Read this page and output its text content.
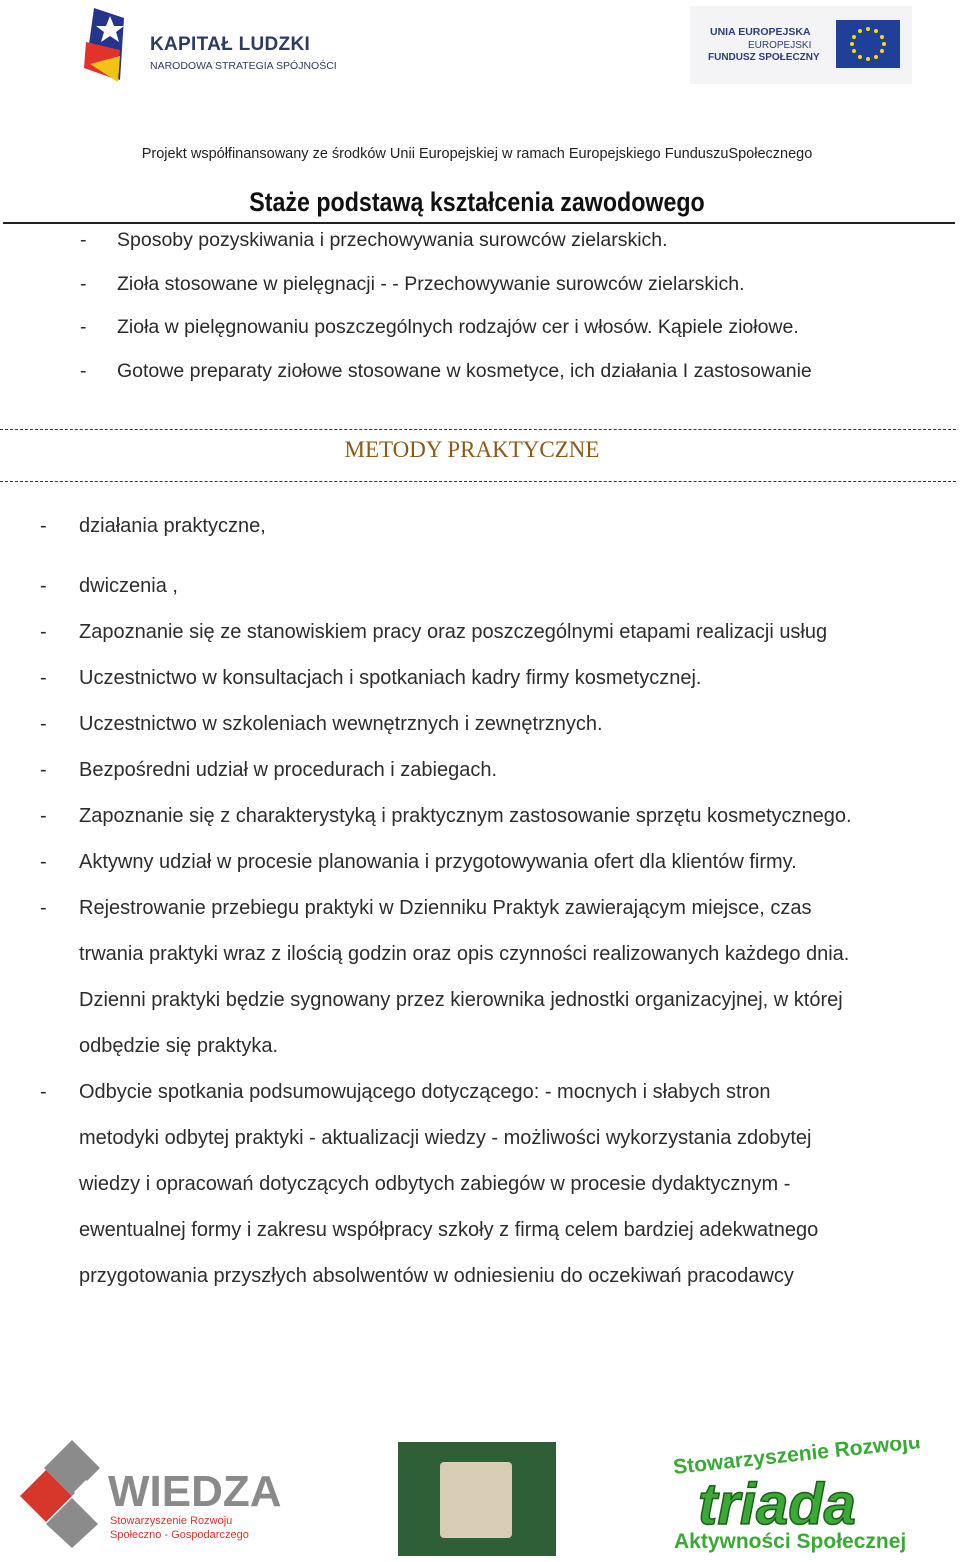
KAPITAŁ LUDZKI
NARODOWA STRATEGIA SPÓJNOŚCI
UNIA EUROPEJSKA
EUROPEJSKI
FUNDUSZ SPOŁECZNY
Projekt współfinansowany ze środków Unii Europejskiej w ramach Europejskiego FunduszuSpołecznego
Staże podstawą kształcenia zawodowego
- Sposoby pozyskiwania i przechowywania surowców zielarskich.
- Zioła stosowane w pielęgnacji - - Przechowywanie surowców zielarskich.
- Zioła w pielęgnowaniu poszczególnych rodzajów cer i włosów. Kąpiele ziołowe.
- Gotowe preparaty ziołowe stosowane w kosmetyce, ich działania I zastosowanie
METODY PRAKTYCZNE
- działania praktyczne,
- dwiczenia ,
- Zapoznanie się ze stanowiskiem pracy oraz poszczególnymi etapami realizacji usług
- Uczestnictwo w konsultacjach i spotkaniach kadry firmy kosmetycznej.
- Uczestnictwo w szkoleniach wewnętrznych i zewnętrznych.
- Bezpośredni udział w procedurach i zabiegach.
- Zapoznanie się z charakterystyką i praktycznym zastosowanie sprzętu kosmetycznego.
- Aktywny udział w procesie planowania i przygotowywania ofert dla klientów firmy.
- Rejestrowanie przebiegu praktyki w Dzienniku Praktyk zawierającym miejsce, czas
trwania praktyki wraz z ilością godzin oraz opis czynności realizowanych każdego dnia.
Dzienni praktyki będzie sygnowany przez kierownika jednostki organizacyjnej, w której
odbędzie się praktyka.
- Odbycie spotkania podsumowującego dotyczącego: - mocnych i słabych stron
metodyki odbytej praktyki - aktualizacji wiedzy - możliwości wykorzystania zdobytej
wiedzy i opracowań dotyczących odbytych zabiegów w procesie dydaktycznym -
ewentualnej formy i zakresu współpracy szkoły z firmą celem bardziej adekwatnego
przygotowania przyszłych absolwentów w odniesieniu do oczekiwań pracodawcy
WIEDZA
Stowarzyszenie Rozwoju
Społeczno - Gospodarczego
Stowarzyszenie Rozwoju
triada
Aktywności Społecznej
